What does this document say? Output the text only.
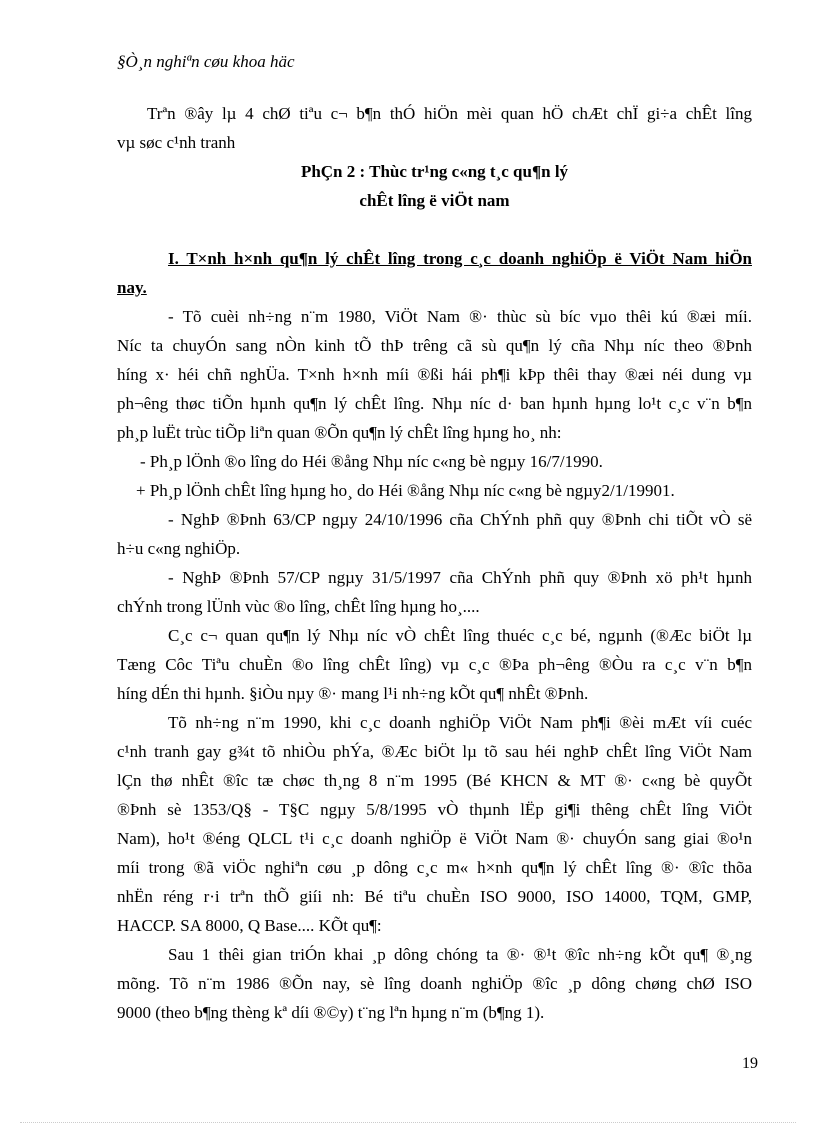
§Ò¸n nghiªn cøu khoa häc
Trªn ®ây lµ 4 chØ tiªu c¬ b¶n thÓ hiÖn mèi quan hÖ chÆt chÏ gi÷a chÊt lîng
vµ søc c¹nh tranh
PhÇn 2 : Thùc tr¹ng c«ng t¸c qu¶n lý
chÊt lîng ë viÖt nam
I. T×nh h×nh qu¶n lý chÊt lîng trong c¸c doanh nghiÖp ë ViÖt Nam hiÖn
nay.
- Tõ cuèi nh÷ng n¨m 1980, ViÖt Nam ®· thùc sù bíc vµo thêi kú ®æi míi.
Níc ta chuyÓn sang nÒn kinh tÕ thÞ trêng cã sù qu¶n lý cña Nhµ níc theo ®Þnh
híng x· héi chñ nghÜa. T×nh h×nh míi ®ßi hái ph¶i kÞp thêi thay ®æi néi dung vµ
ph¬êng thøc tiÕn hµnh qu¶n lý chÊt lîng. Nhµ níc d· ban hµnh hµng lo¹t c¸c v¨n b¶n
ph¸p luËt trùc tiÕp liªn quan ®Õn qu¶n lý chÊt lîng hµng ho¸ nh:
- Ph¸p lÖnh ®o lîng do Héi ®ång Nhµ níc c«ng bè ngµy 16/7/1990.
+ Ph¸p lÖnh chÊt lîng hµng ho¸ do Héi ®ång Nhµ níc c«ng bè ngµy2/1/19901.
- NghÞ ®Þnh 63/CP ngµy 24/10/1996 cña ChÝnh phñ quy ®Þnh chi tiÕt vÒ së
h÷u c«ng nghiÖp.
- NghÞ ®Þnh 57/CP ngµy 31/5/1997 cña ChÝnh phñ quy ®Þnh xö ph¹t hµnh
chÝnh trong lÜnh vùc ®o lîng, chÊt lîng hµng ho¸....
C¸c c¬ quan qu¶n lý Nhµ níc vÒ chÊt lîng thuéc c¸c bé, ngµnh (®Æc biÖt lµ
Tæng Côc Tiªu chuÈn ®o lîng chÊt lîng) vµ c¸c ®Þa ph¬êng ®Òu ra c¸c v¨n b¶n
híng dÉn thi hµnh. §iÒu nµy ®· mang l¹i nh÷ng kÕt qu¶ nhÊt ®Þnh.
Tõ nh÷ng n¨m 1990, khi c¸c doanh nghiÖp ViÖt Nam ph¶i ®èi mÆt víi cuéc
c¹nh tranh gay g¾t tõ nhiÒu phÝa, ®Æc biÖt lµ tõ sau héi nghÞ chÊt lîng ViÖt Nam
lÇn thø nhÊt ®îc tæ chøc th¸ng 8 n¨m 1995 (Bé KHCN & MT ®· c«ng bè quyÕt
®Þnh sè 1353/Q§ - T§C ngµy 5/8/1995 vÒ thµnh lËp gi¶i thêng chÊt lîng ViÖt
Nam), ho¹t ®éng QLCL t¹i c¸c doanh nghiÖp ë ViÖt Nam ®· chuyÓn sang giai ®o¹n
míi trong ®ã viÖc nghiªn cøu ¸p dông c¸c m« h×nh qu¶n lý chÊt lîng ®· ®îc thõa
nhËn réng r·i trªn thÕ giíi nh: Bé tiªu chuÈn ISO 9000, ISO 14000, TQM, GMP,
HACCP. SA 8000, Q Base.... KÕt qu¶:
Sau 1 thêi gian triÓn khai ¸p dông chóng ta ®· ®¹t ®îc nh÷ng kÕt qu¶ ®¸ng
mõng. Tõ n¨m 1986 ®Õn nay, sè lîng doanh nghiÖp ®îc ¸p dông chøng chØ ISO
9000 (theo b¶ng thèng kª díi ®©y) t¨ng lªn hµng n¨m (b¶ng 1).
19
